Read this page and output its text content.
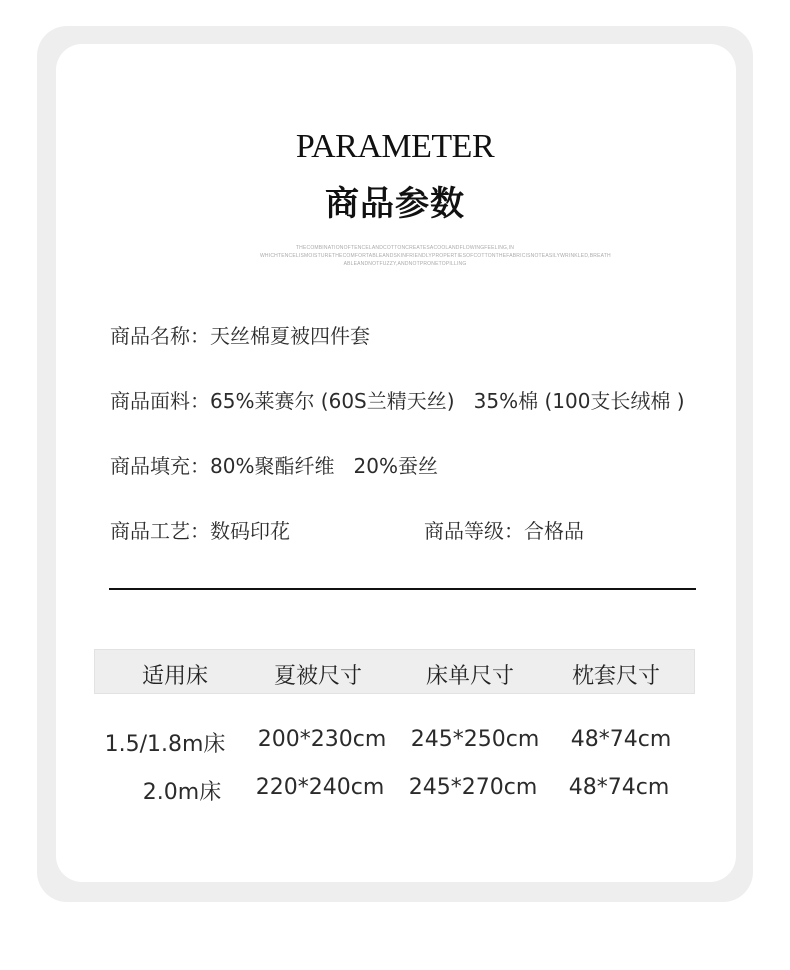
PARAMETER
商品参数
THECOMBINATIONOFTENCELANDCOTTONCREATESACOOLANDFLOWINGFEELING,IN
WHICHTENCELISMOISTURETHECOMFORTABLEANDSKINFRIENDLYPROPERTIESOFCOTTONTHEFABRICISNOTEASILYWRINKLED,BREATH
ABLEANDNOTFUZZY,ANDNOTPRONETOPILLING
商品名称：天丝棉夏被四件套
商品面料：65%莱赛尔 (60S兰精天丝)   35%棉 (100支长绒棉 )
商品填充：80%聚酯纤维   20%蚕丝
商品工艺：数码印花	商品等级：合格品
适用床	夏被尺寸	床单尺寸	枕套尺寸
1.5/1.8m床	200*230cm	245*250cm	48*74cm
2.0m床	220*240cm	245*270cm	48*74cm
